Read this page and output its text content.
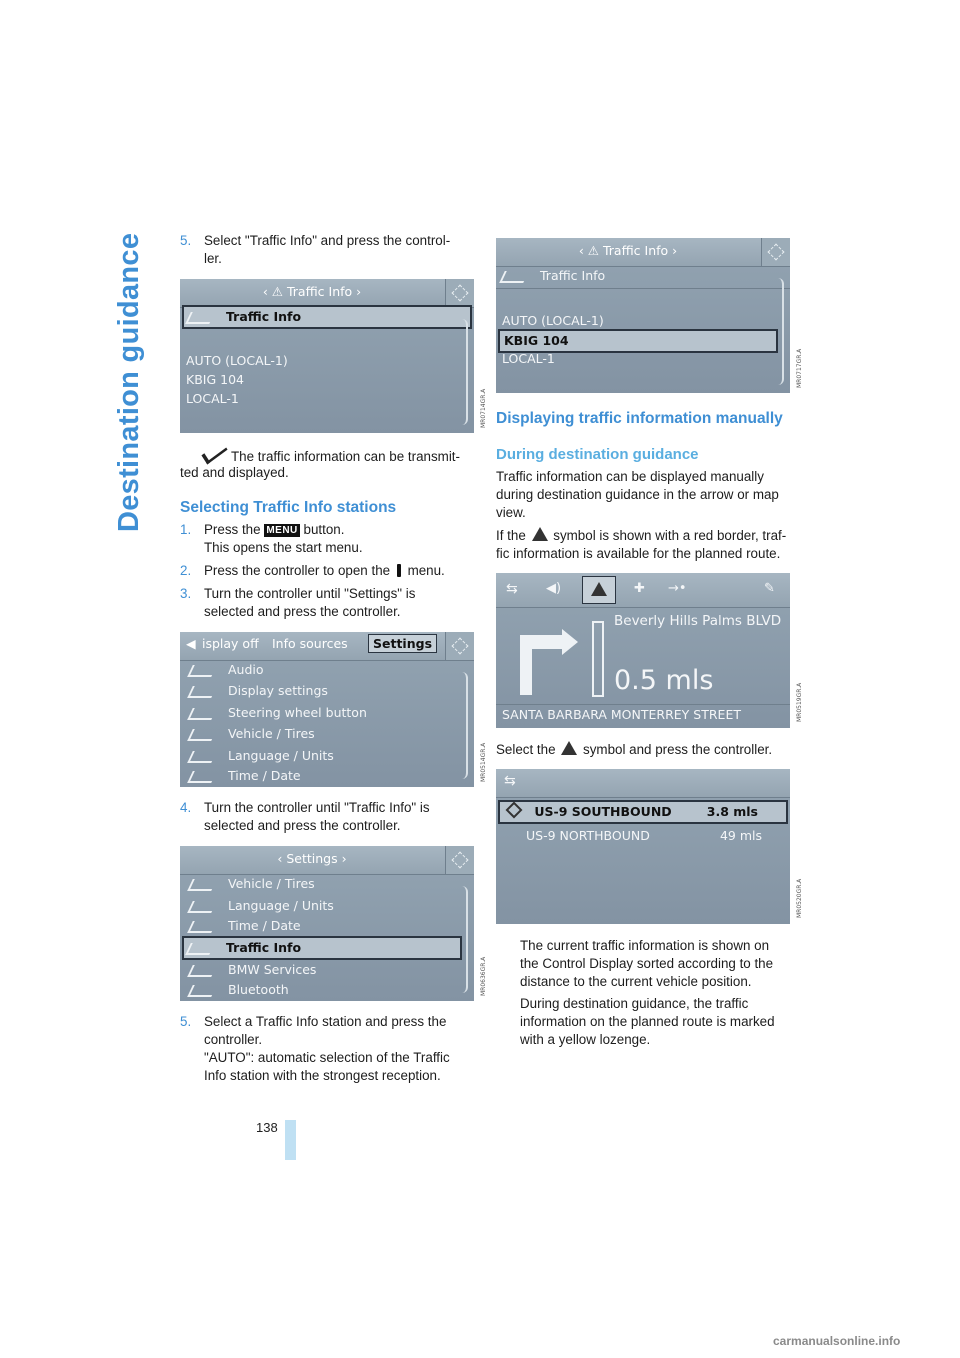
Destination guidance
138
5. Select "Traffic Info" and press the control-
ler.
‹ ⚠ Traffic Info ›
Traffic Info
AUTO (LOCAL-1)
KBIG 104
LOCAL-1	MR0714GR.A
The traffic information can be transmit-
ted and displayed.
Selecting Traffic Info stations
1. Press the MENU button.
This opens the start menu.
2. Press the controller to open the menu.
3. Turn the controller until "Settings" is
selected and press the controller.
◀ isplay off Info sources	Settings
Audio
Display settings
Steering wheel button
Vehicle / Tires
Language / Units
Time / Date	MR0514GR.A
4. Turn the controller until "Traffic Info" is
selected and press the controller.
‹ Settings ›
Vehicle / Tires
Language / Units
Time / Date
Traffic Info
BMW Services
Bluetooth	MR0636GR.A
5. Select a Traffic Info station and press the
controller.
"AUTO": automatic selection of the Traffic
Info station with the strongest reception.
‹ ⚠ Traffic Info ›
Traffic Info
AUTO (LOCAL-1)
KBIG 104
LOCAL-1	MR0717GR.A
Displaying traffic information manually
During destination guidance
Traffic information can be displayed manually
during destination guidance in the arrow or map
view.
If the symbol is shown with a red border, traf-
fic information is available for the planned route.
⇆ ◀)	✚ →•	✎
Beverly Hills Palms BLVD
0.5 mls
SANTA BARBARA MONTERREY STREET	MR0519GR.A
Select the symbol and press the controller.
⇆
US-9 SOUTHBOUND	3.8 mls
US-9 NORTHBOUND	49 mls
MR0520GR.A
The current traffic information is shown on
the Control Display sorted according to the
distance to the current vehicle position.
During destination guidance, the traffic
information on the planned route is marked
with a yellow lozenge.
carmanualsonline.info
